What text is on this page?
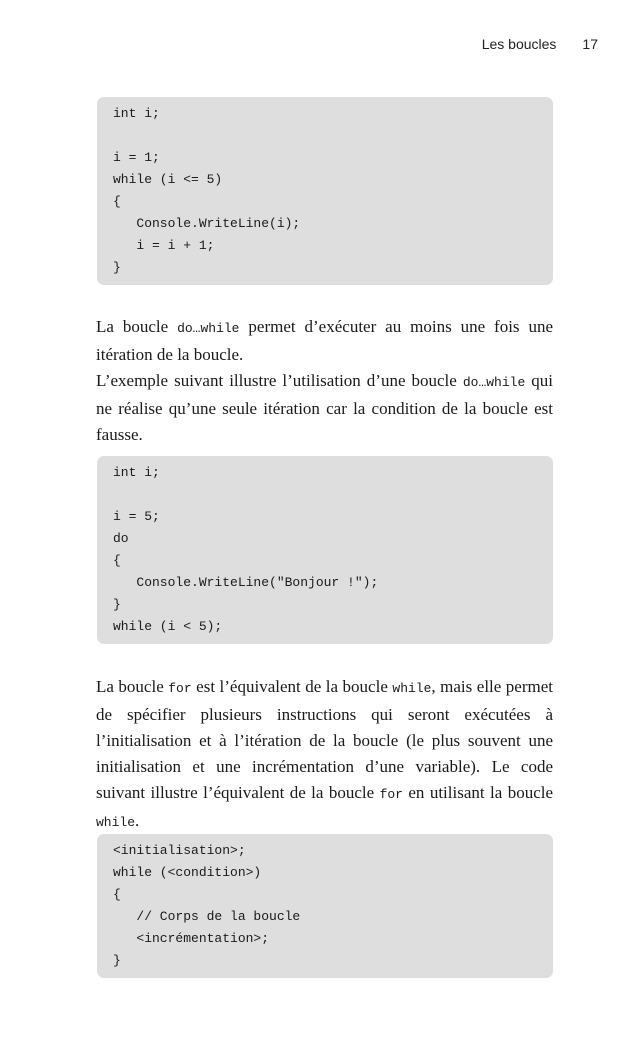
Les boucles 17
int i;
i = 1;
while (i <= 5)
{
Console.WriteLine(i);
i = i + 1;
}

La boucle do…while permet d’exécuter au moins une fois une itération de la boucle.

L’exemple suivant illustre l’utilisation d’une boucle do…while qui ne réalise qu’une seule itération car la condition de la boucle est fausse.

int i;
i = 5;
do
{
Console.WriteLine("Bonjour !");
}
while (i < 5);

La boucle for est l’équivalent de la boucle while, mais elle permet de spécifier plusieurs instructions qui seront exécutées à l’initialisation et à l’itération de la boucle (le plus souvent une initialisation et une incrémentation d’une variable). Le code suivant illustre l’équivalent de la boucle for en utilisant la boucle while.

<initialisation>;
while (<condition>)
{
// Corps de la boucle
<incrémentation>;
}
